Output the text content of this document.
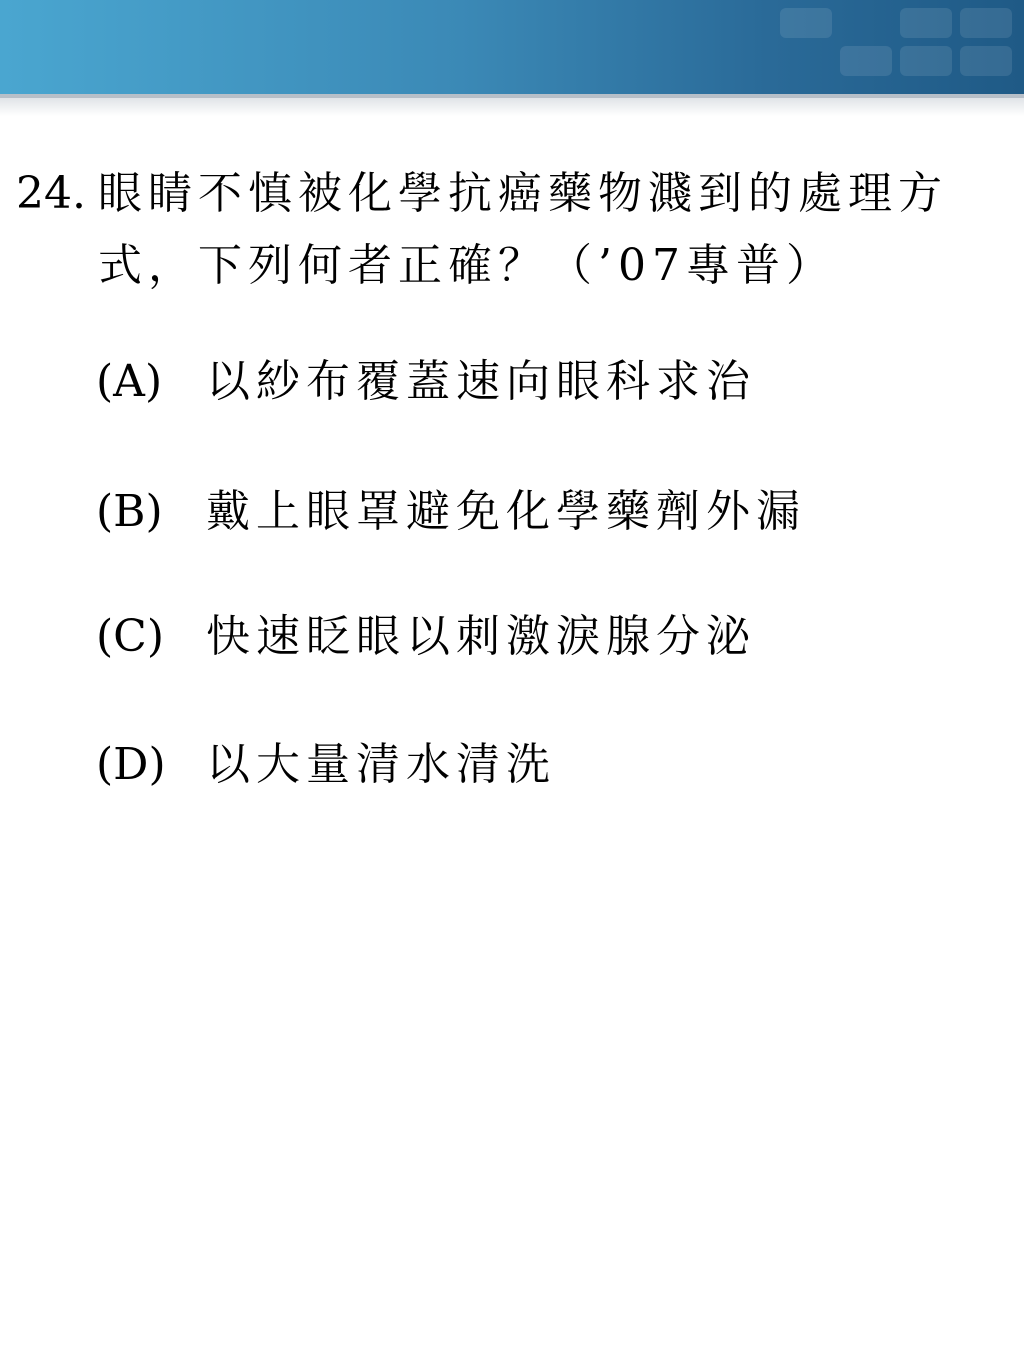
24. 眼睛不慎被化學抗癌藥物濺到的處理方式，下列何者正確？（’07專普）
(A) 以紗布覆蓋速向眼科求治
(B) 戴上眼罩避免化學藥劑外漏
(C) 快速眨眼以刺激淚腺分泌
(D) 以大量清水清洗
